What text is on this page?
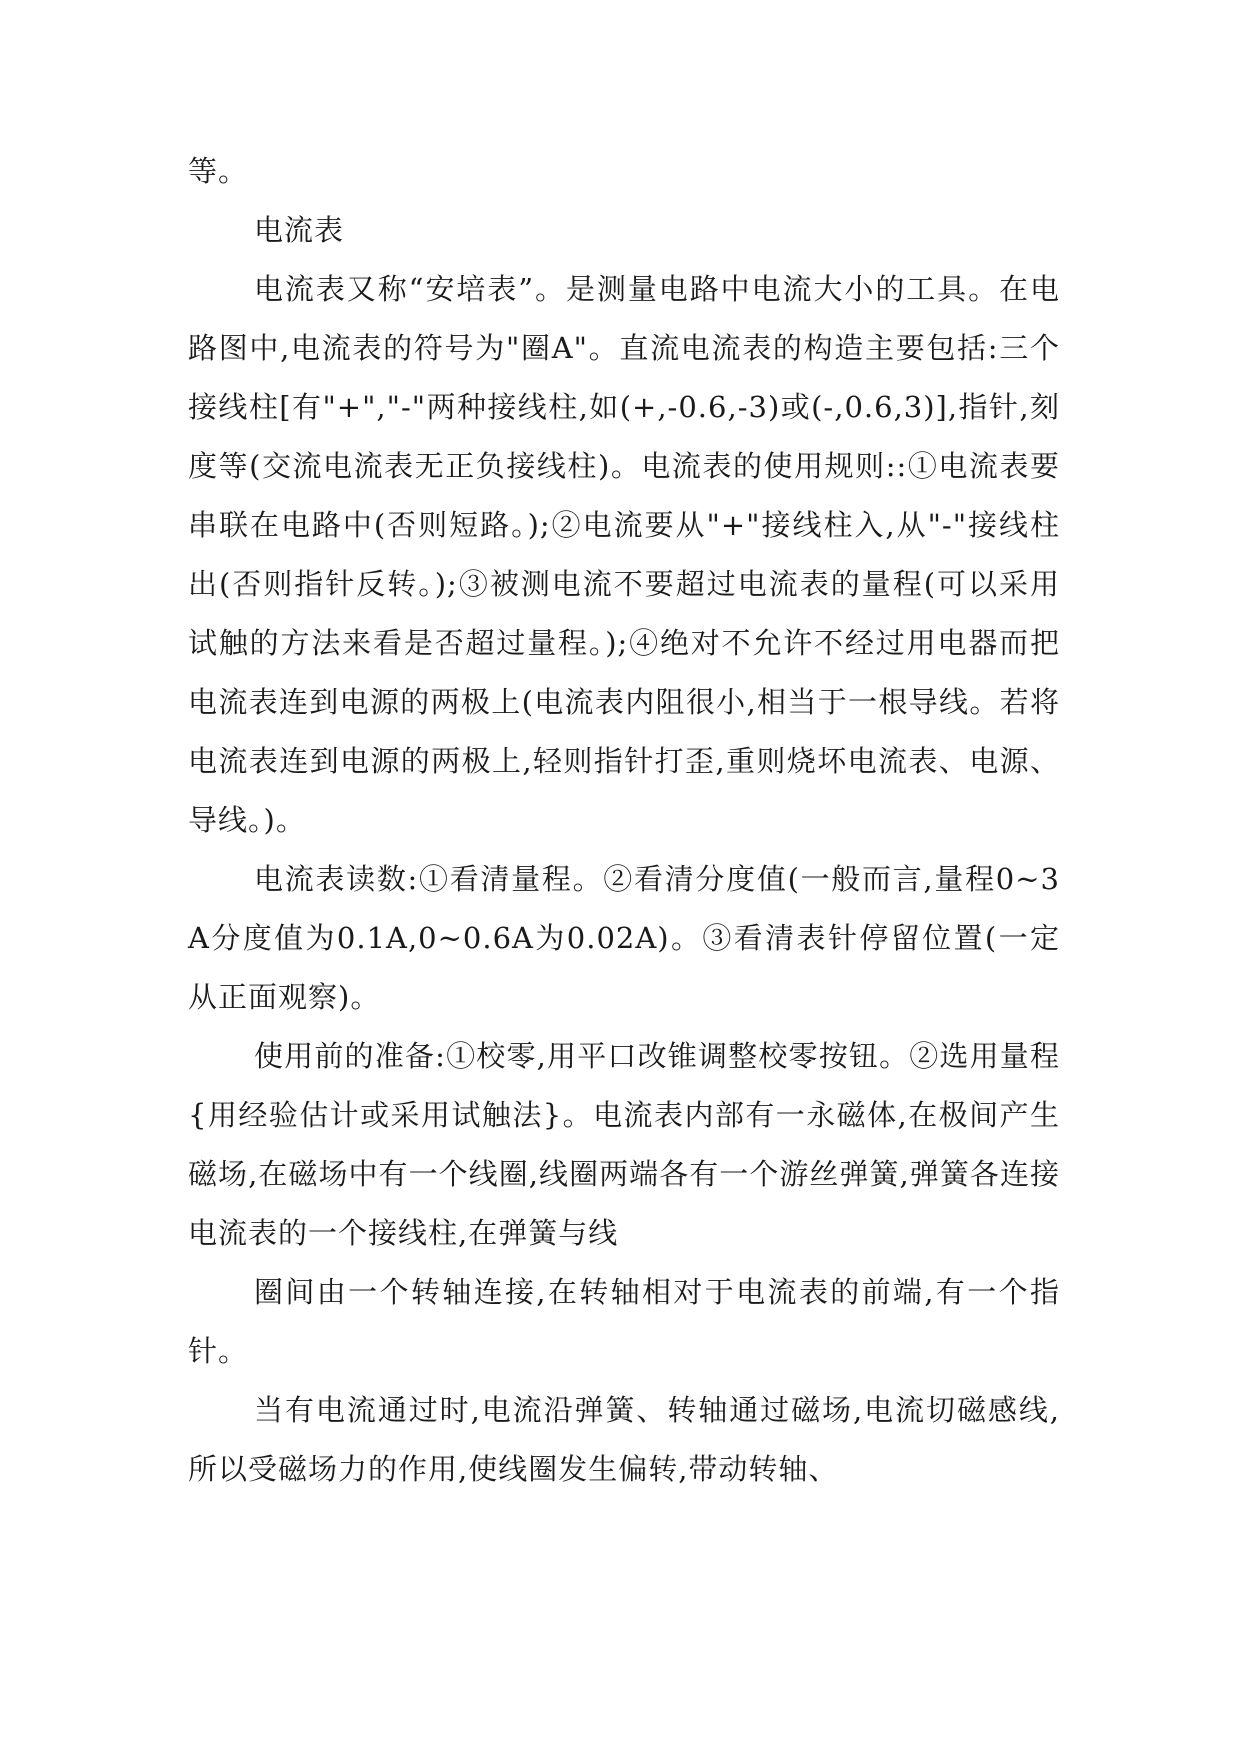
等。

电流表

电流表又称“安培表”。是测量电路中电流大小的工具。在电路图中,电流表的符号为"圈A"。直流电流表的构造主要包括:三个接线柱[有"+","-"两种接线柱,如(+,-0.6,-3)或(-,0.6,3)],指针,刻度等(交流电流表无正负接线柱)。电流表的使用规则::①电流表要串联在电路中(否则短路。);②电流要从"+"接线柱入,从"-"接线柱出(否则指针反转。);③被测电流不要超过电流表的量程(可以采用试触的方法来看是否超过量程。);④绝对不允许不经过用电器而把电流表连到电源的两极上(电流表内阻很小,相当于一根导线。若将电流表连到电源的两极上,轻则指针打歪,重则烧坏电流表、电源、导线。)。

电流表读数:①看清量程。②看清分度值(一般而言,量程0~3A分度值为0.1A,0~0.6A为0.02A)。③看清表针停留位置(一定从正面观察)。

使用前的准备:①校零,用平口改锥调整校零按钮。②选用量程{用经验估计或采用试触法}。电流表内部有一永磁体,在极间产生磁场,在磁场中有一个线圈,线圈两端各有一个游丝弹簧,弹簧各连接电流表的一个接线柱,在弹簧与线

圈间由一个转轴连接,在转轴相对于电流表的前端,有一个指针。

当有电流通过时,电流沿弹簧、转轴通过磁场,电流切磁感线,所以受磁场力的作用,使线圈发生偏转,带动转轴、
